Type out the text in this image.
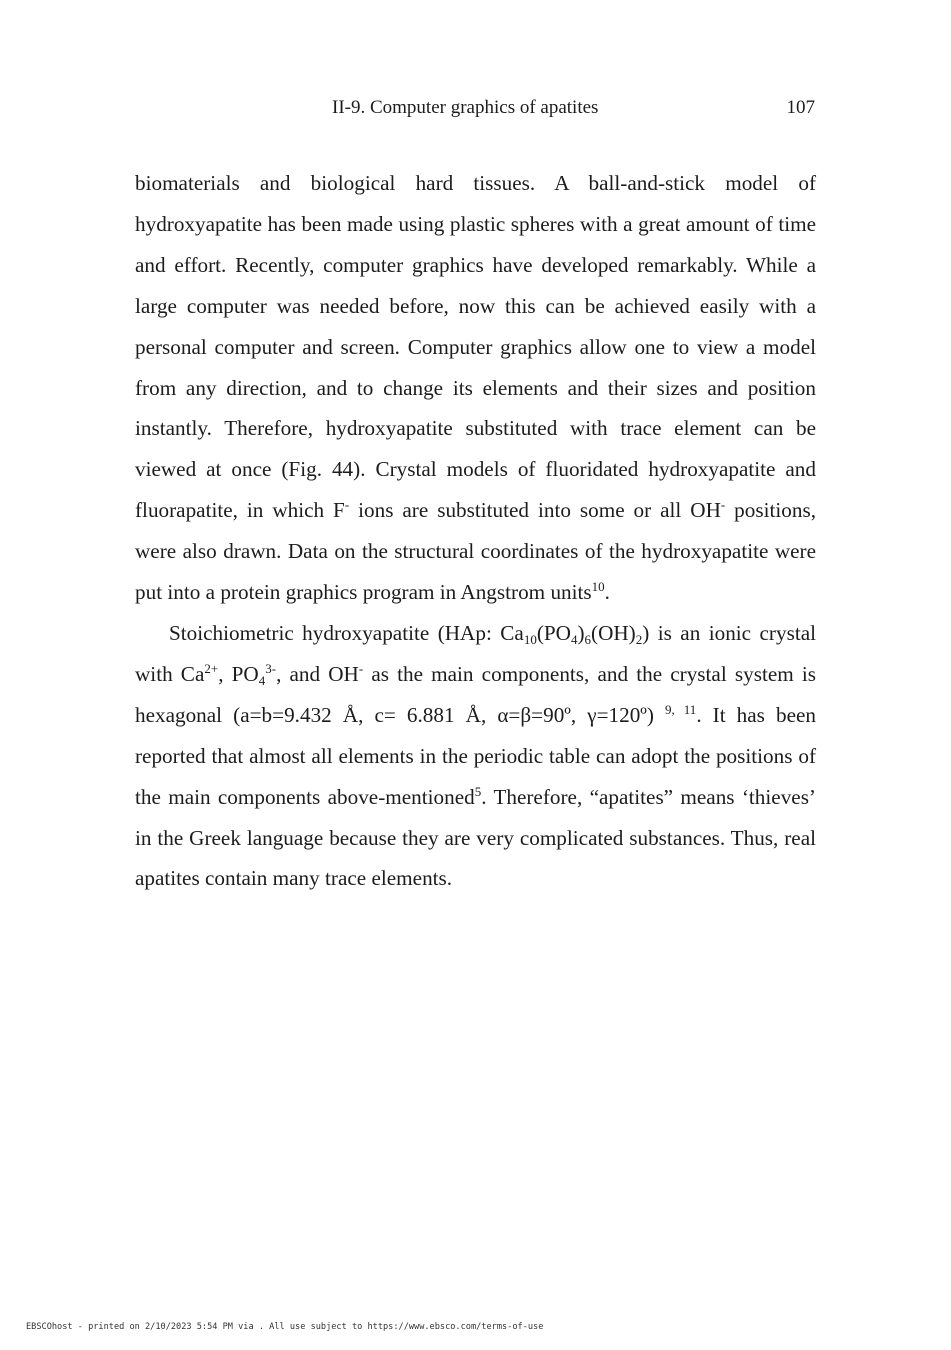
II-9. Computer graphics of apatites	107

biomaterials and biological hard tissues. A ball-and-stick model of hydroxyapatite has been made using plastic spheres with a great amount of time and effort. Recently, computer graphics have developed remarkably. While a large computer was needed before, now this can be achieved easily with a personal computer and screen. Computer graphics allow one to view a model from any direction, and to change its elements and their sizes and position instantly. Therefore, hydroxyapatite substituted with trace element can be viewed at once (Fig. 44). Crystal models of fluoridated hydroxyapatite and fluorapatite, in which F- ions are substituted into some or all OH- positions, were also drawn. Data on the structural coordinates of the hydroxyapatite were put into a protein graphics program in Angstrom units$^{10}$.

Stoichiometric hydroxyapatite (HAp: $Ca_{10}(PO_4)_6(OH)_2$) is an ionic crystal with $Ca^{2+}$, $PO_4^{3-}$, and OH- as the main components, and the crystal system is hexagonal (a=b=9.432 Å, c= 6.881 Å, α=β=90º, γ=120º) $^{9, 11}$. It has been reported that almost all elements in the periodic table can adopt the positions of the main components above-mentioned$^5$. Therefore, “apatites” means ‘thieves’ in the Greek language because they are very complicated substances. Thus, real apatites contain many trace elements.

EBSCOhost - printed on 2/10/2023 5:54 PM via . All use subject to https://www.ebsco.com/terms-of-use
